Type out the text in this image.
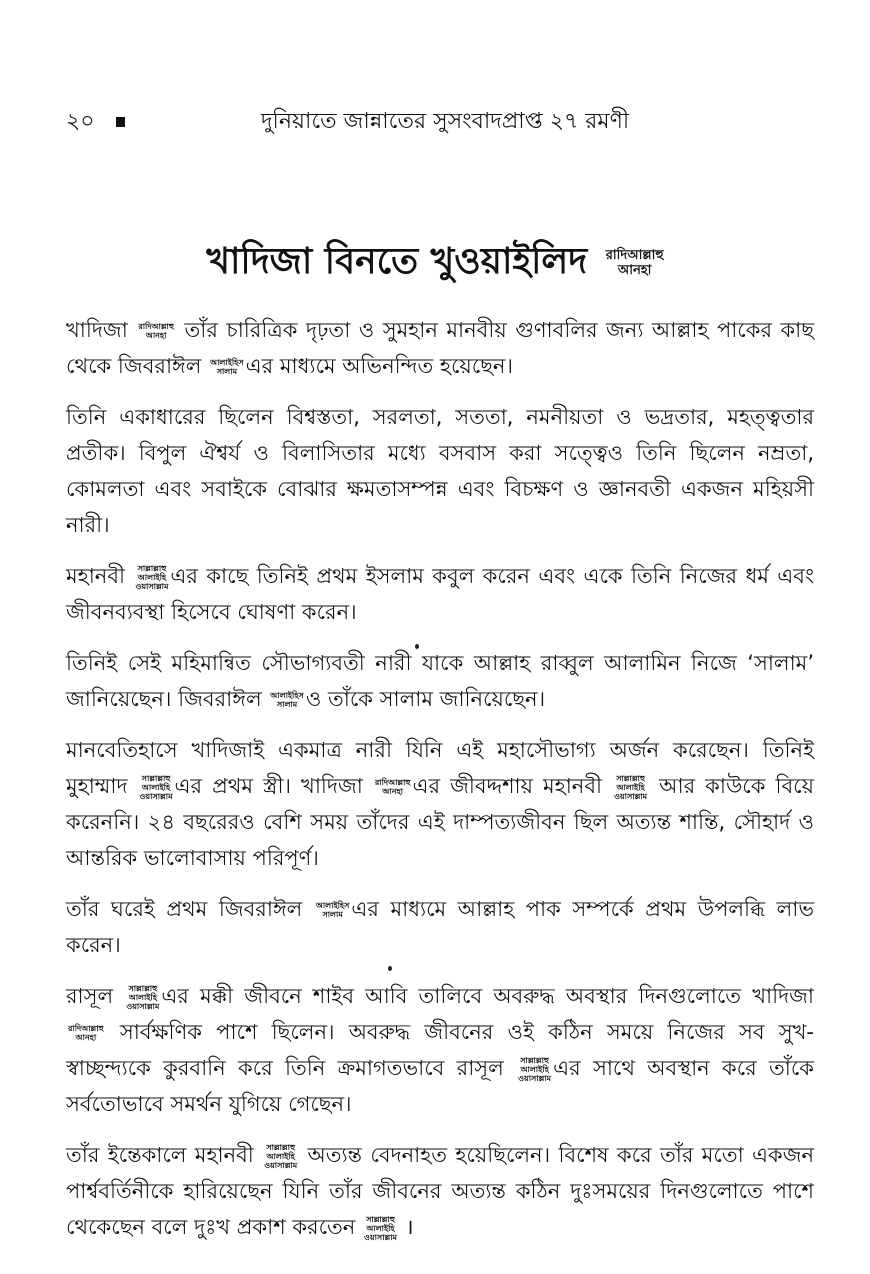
২০	দুনিয়াতে জান্নাতের সুসংবাদপ্রাপ্ত ২৭ রমণী
খাদিজা বিনতে খুওয়াইলিদ রাদিআল্লাহু
আনহা

খাদিজা রাদিআল্লাহু
আনহা তাঁর চারিত্রিক দৃঢ়তা ও সুমহান মানবীয় গুণাবলির জন্য আল্লাহ পাকের কাছ থেকে জিবরাঈল আলাইহিস
সালাম এর মাধ্যমে অভিনন্দিত হয়েছেন।

তিনি একাধারের ছিলেন বিশ্বস্ততা, সরলতা, সততা, নমনীয়তা ও ভদ্রতার, মহত্ত্বতার প্রতীক। বিপুল ঐশ্বর্য ও বিলাসিতার মধ্যে বসবাস করা সত্ত্বেও তিনি ছিলেন নম্রতা, কোমলতা এবং সবাইকে বোঝার ক্ষমতাসম্পন্ন এবং বিচক্ষণ ও জ্ঞানবতী একজন মহিয়সী নারী।

মহানবী সাল্লাল্লাহু
আলাইহি
ওয়াসাল্লাম এর কাছে তিনিই প্রথম ইসলাম কবুল করেন এবং একে তিনি নিজের ধর্ম এবং জীবনব্যবস্থা হিসেবে ঘোষণা করেন।

তিনিই সেই মহিমান্বিত সৌভাগ্যবতী নারী যাকে আল্লাহ রাব্বুল আলামিন নিজে ‘সালাম’ জানিয়েছেন। জিবরাঈল আলাইহিস
সালাম ও তাঁকে সালাম জানিয়েছেন।

মানবেতিহাসে খাদিজাই একমাত্র নারী যিনি এই মহাসৌভাগ্য অর্জন করেছেন। তিনিই মুহাম্মাদ সাল্লাল্লাহু
আলাইহি
ওয়াসাল্লাম এর প্রথম স্ত্রী। খাদিজা রাদিআল্লাহু
আনহা এর জীবদ্দশায় মহানবী সাল্লাল্লাহু
আলাইহি
ওয়াসাল্লাম আর কাউকে বিয়ে করেননি। ২৪ বছরেরও বেশি সময় তাঁদের এই দাম্পত্যজীবন ছিল অত্যন্ত শান্তি, সৌহার্দ ও আন্তরিক ভালোবাসায় পরিপূর্ণ।

তাঁর ঘরেই প্রথম জিবরাঈল আলাইহিস
সালাম এর মাধ্যমে আল্লাহ পাক সম্পর্কে প্রথম উপলব্ধি লাভ করেন।

রাসূল সাল্লাল্লাহু
আলাইহি
ওয়াসাল্লাম এর মক্কী জীবনে শাইব আবি তালিবে অবরুদ্ধ অবস্থার দিনগুলোতে খাদিজা
রাদিআল্লাহু
আনহা সার্বক্ষণিক পাশে ছিলেন। অবরুদ্ধ জীবনের ওই কঠিন সময়ে নিজের সব সুখ-স্বাচ্ছন্দ্যকে কুরবানি করে তিনি ক্রমাগতভাবে রাসূল সাল্লাল্লাহু
আলাইহি
ওয়াসাল্লাম এর সাথে অবস্থান করে তাঁকে সর্বতোভাবে সমর্থন যুগিয়ে গেছেন।

তাঁর ইন্তেকালে মহানবী সাল্লাল্লাহু
আলাইহি
ওয়াসাল্লাম অত্যন্ত বেদনাহত হয়েছিলেন। বিশেষ করে তাঁর মতো একজন পার্শ্ববর্তিনীকে হারিয়েছেন যিনি তাঁর জীবনের অত্যন্ত কঠিন দুঃসময়ের দিনগুলোতে পাশে থেকেছেন বলে দুঃখ প্রকাশ করতেন সাল্লাল্লাহু
আলাইহি
ওয়াসাল্লাম ।
